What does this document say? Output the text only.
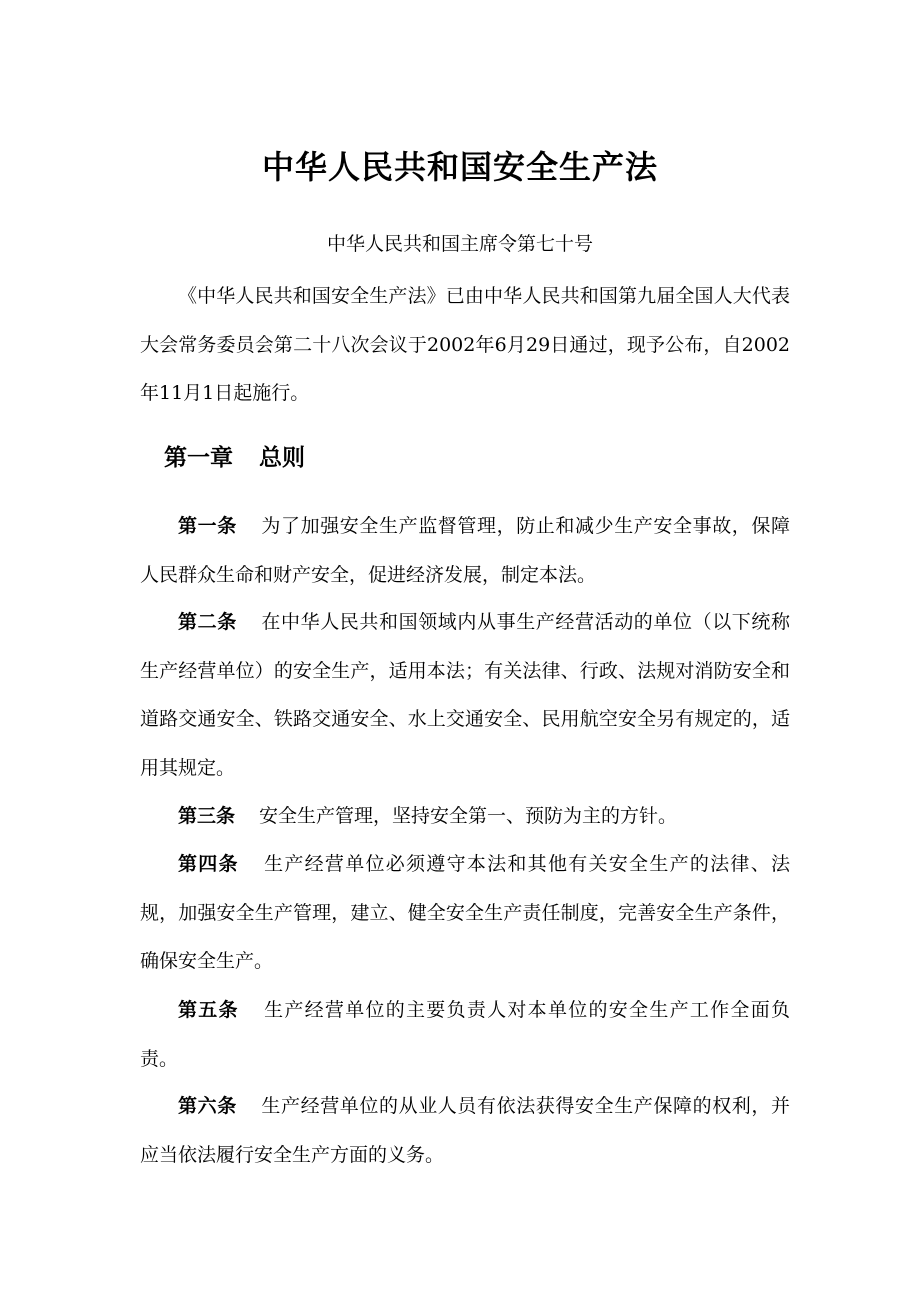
中华人民共和国安全生产法
中华人民共和国主席令第七十号
《中华人民共和国安全生产法》已由中华人民共和国第九届全国人大代表大会常务委员会第二十八次会议于2002年6月29日通过，现予公布，自2002年11月1日起施行。
第一章 总则
第一条 为了加强安全生产监督管理，防止和减少生产安全事故，保障人民群众生命和财产安全，促进经济发展，制定本法。
第二条 在中华人民共和国领域内从事生产经营活动的单位（以下统称生产经营单位）的安全生产，适用本法；有关法律、行政、法规对消防安全和道路交通安全、铁路交通安全、水上交通安全、民用航空安全另有规定的，适用其规定。
第三条 安全生产管理，坚持安全第一、预防为主的方针。
第四条 生产经营单位必须遵守本法和其他有关安全生产的法律、法规，加强安全生产管理，建立、健全安全生产责任制度，完善安全生产条件，确保安全生产。
第五条 生产经营单位的主要负责人对本单位的安全生产工作全面负责。
第六条 生产经营单位的从业人员有依法获得安全生产保障的权利，并应当依法履行安全生产方面的义务。
